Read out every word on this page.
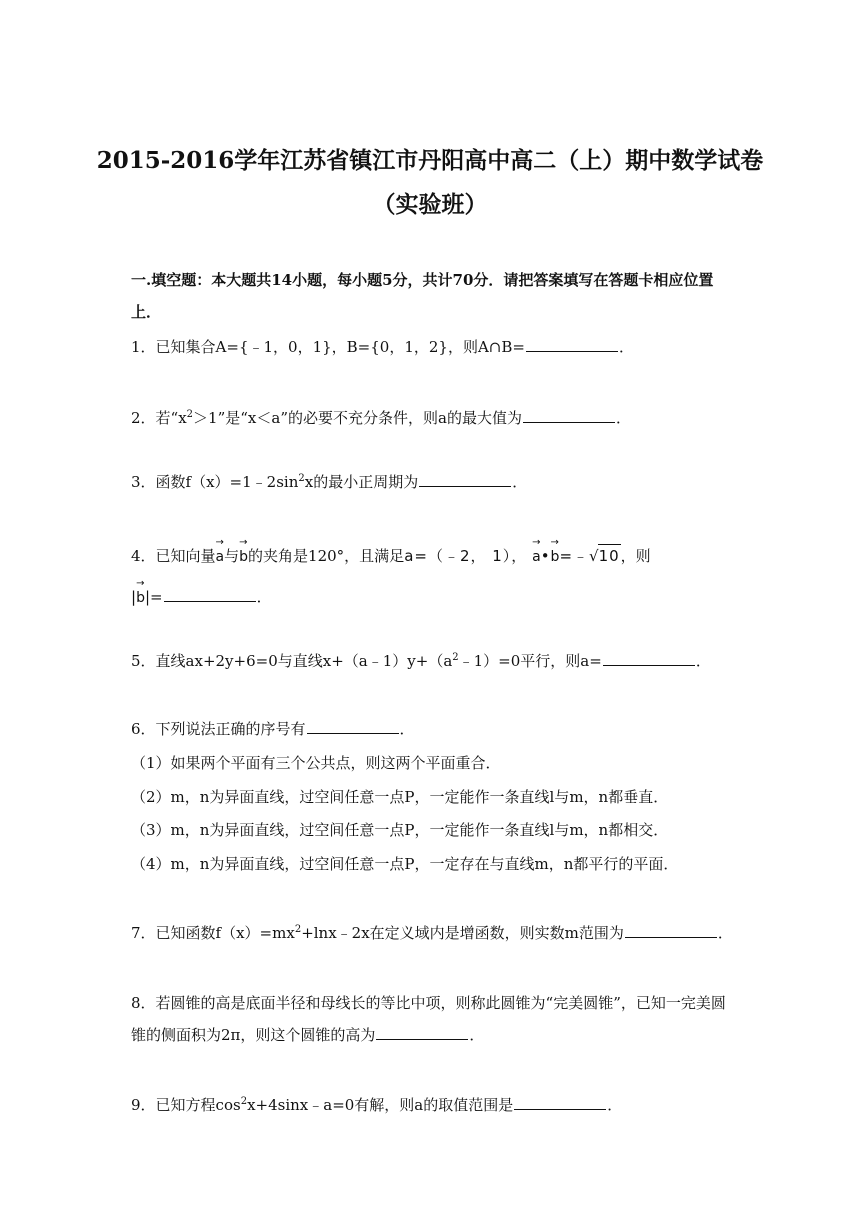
2015-2016学年江苏省镇江市丹阳高中高二（上）期中数学试卷
（实验班）
一.填空题：本大题共14小题，每小题5分，共计70分．请把答案填写在答题卡相应位置
上．
1．已知集合A={﹣1，0，1}，B={0，1，2}，则A∩B=	．
2．若“$x^2>1$”是“x＜a”的必要不充分条件，则a的最大值为	．
3．函数$f(x)=1﹣2\sin^2x$的最小正周期为	．
4．已知向量
→
a与
→
b的夹角是120°，且满足a=（﹣2， 1），
→
a•
→
b=﹣√10，则
|
→
b|=	．
5．直线ax+2y+6=0与直线$x+(a﹣1)y+(a^2﹣1)=0$平行，则a=	．
6．下列说法正确的序号有	．
（1）如果两个平面有三个公共点，则这两个平面重合．
（2）m，n为异面直线，过空间任意一点P，一定能作一条直线l与m，n都垂直．
（3）m，n为异面直线，过空间任意一点P，一定能作一条直线l与m，n都相交．
（4）m，n为异面直线，过空间任意一点P，一定存在与直线m，n都平行的平面．
7．已知函数$f(x)=mx^2+\ln x﹣2x$在定义域内是增函数，则实数m范围为	．
8．若圆锥的高是底面半径和母线长的等比中项，则称此圆锥为“完美圆锥”，已知一完美圆
锥的侧面积为2π，则这个圆锥的高为	．
9．已知方程$\cos^2x+4\sin x﹣a=0$有解，则a的取值范围是	．
